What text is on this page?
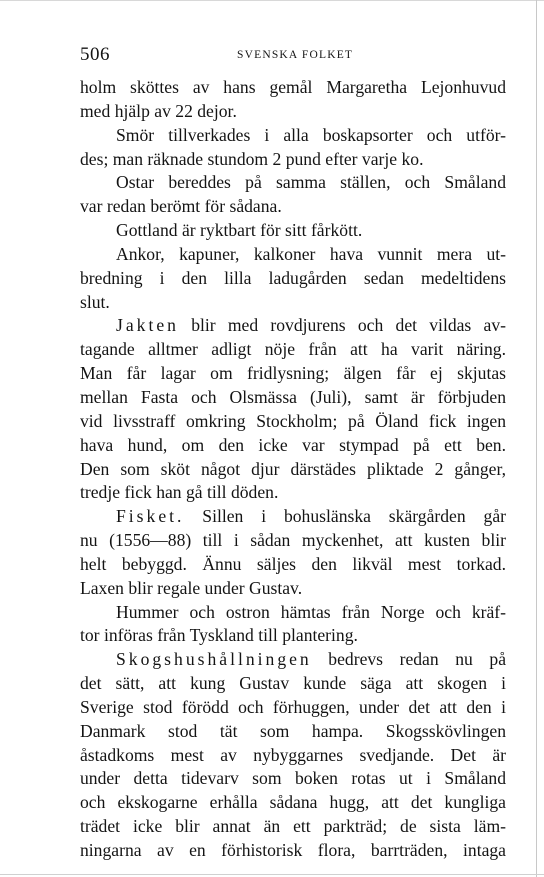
506	SVENSKA FOLKET
holm sköttes av hans gemål Margaretha Lejonhuvud
med hjälp av 22 dejor.
Smör tillverkades i alla boskapsorter och utför-
des; man räknade stundom 2 pund efter varje ko.
Ostar bereddes på samma ställen, och Småland
var redan berömt för sådana.
Gottland är ryktbart för sitt fårkött.
Ankor, kapuner, kalkoner hava vunnit mera ut-
bredning i den lilla ladugården sedan medeltidens
slut.
Jakten blir med rovdjurens och det vildas av-
tagande alltmer adligt nöje från att ha varit näring.
Man får lagar om fridlysning; älgen får ej skjutas
mellan Fasta och Olsmässa (Juli), samt är förbjuden
vid livsstraff omkring Stockholm; på Öland fick ingen
hava hund, om den icke var stympad på ett ben.
Den som sköt något djur därstädes pliktade 2 gånger,
tredje fick han gå till döden.
Fisket. Sillen i bohuslänska skärgården går
nu (1556—88) till i sådan myckenhet, att kusten blir
helt bebyggd. Ännu säljes den likväl mest torkad.
Laxen blir regale under Gustav.
Hummer och ostron hämtas från Norge och kräf-
tor införas från Tyskland till plantering.
Skogshushållningen bedrevs redan nu på
det sätt, att kung Gustav kunde säga att skogen i
Sverige stod förödd och förhuggen, under det att den i
Danmark stod tät som hampa. Skogsskövlingen
åstadkoms mest av nybyggarnes svedjande. Det är
under detta tidevarv som boken rotas ut i Småland
och ekskogarne erhålla sådana hugg, att det kungliga
trädet icke blir annat än ett parkträd; de sista läm-
ningarna av en förhistorisk flora, barrträden, intaga
